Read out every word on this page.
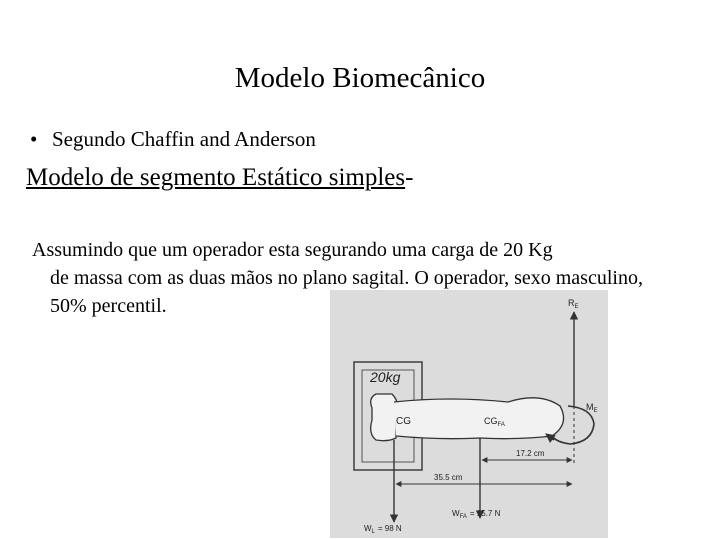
Modelo Biomecânico
• Segundo Chaffin and Anderson
Modelo de segmento Estático simples-
Assumindo que um operador esta segurando uma carga de 20 Kg
de massa com as duas mãos no plano sagital. O operador, sexo masculino, 50% percentil.
20kg
CG	$CG_{FA}$
$R_E$
$M_E$
17.2 cm
35.5 cm
$W_L = 98$ N
$W_{FA} = 15.7$ N
